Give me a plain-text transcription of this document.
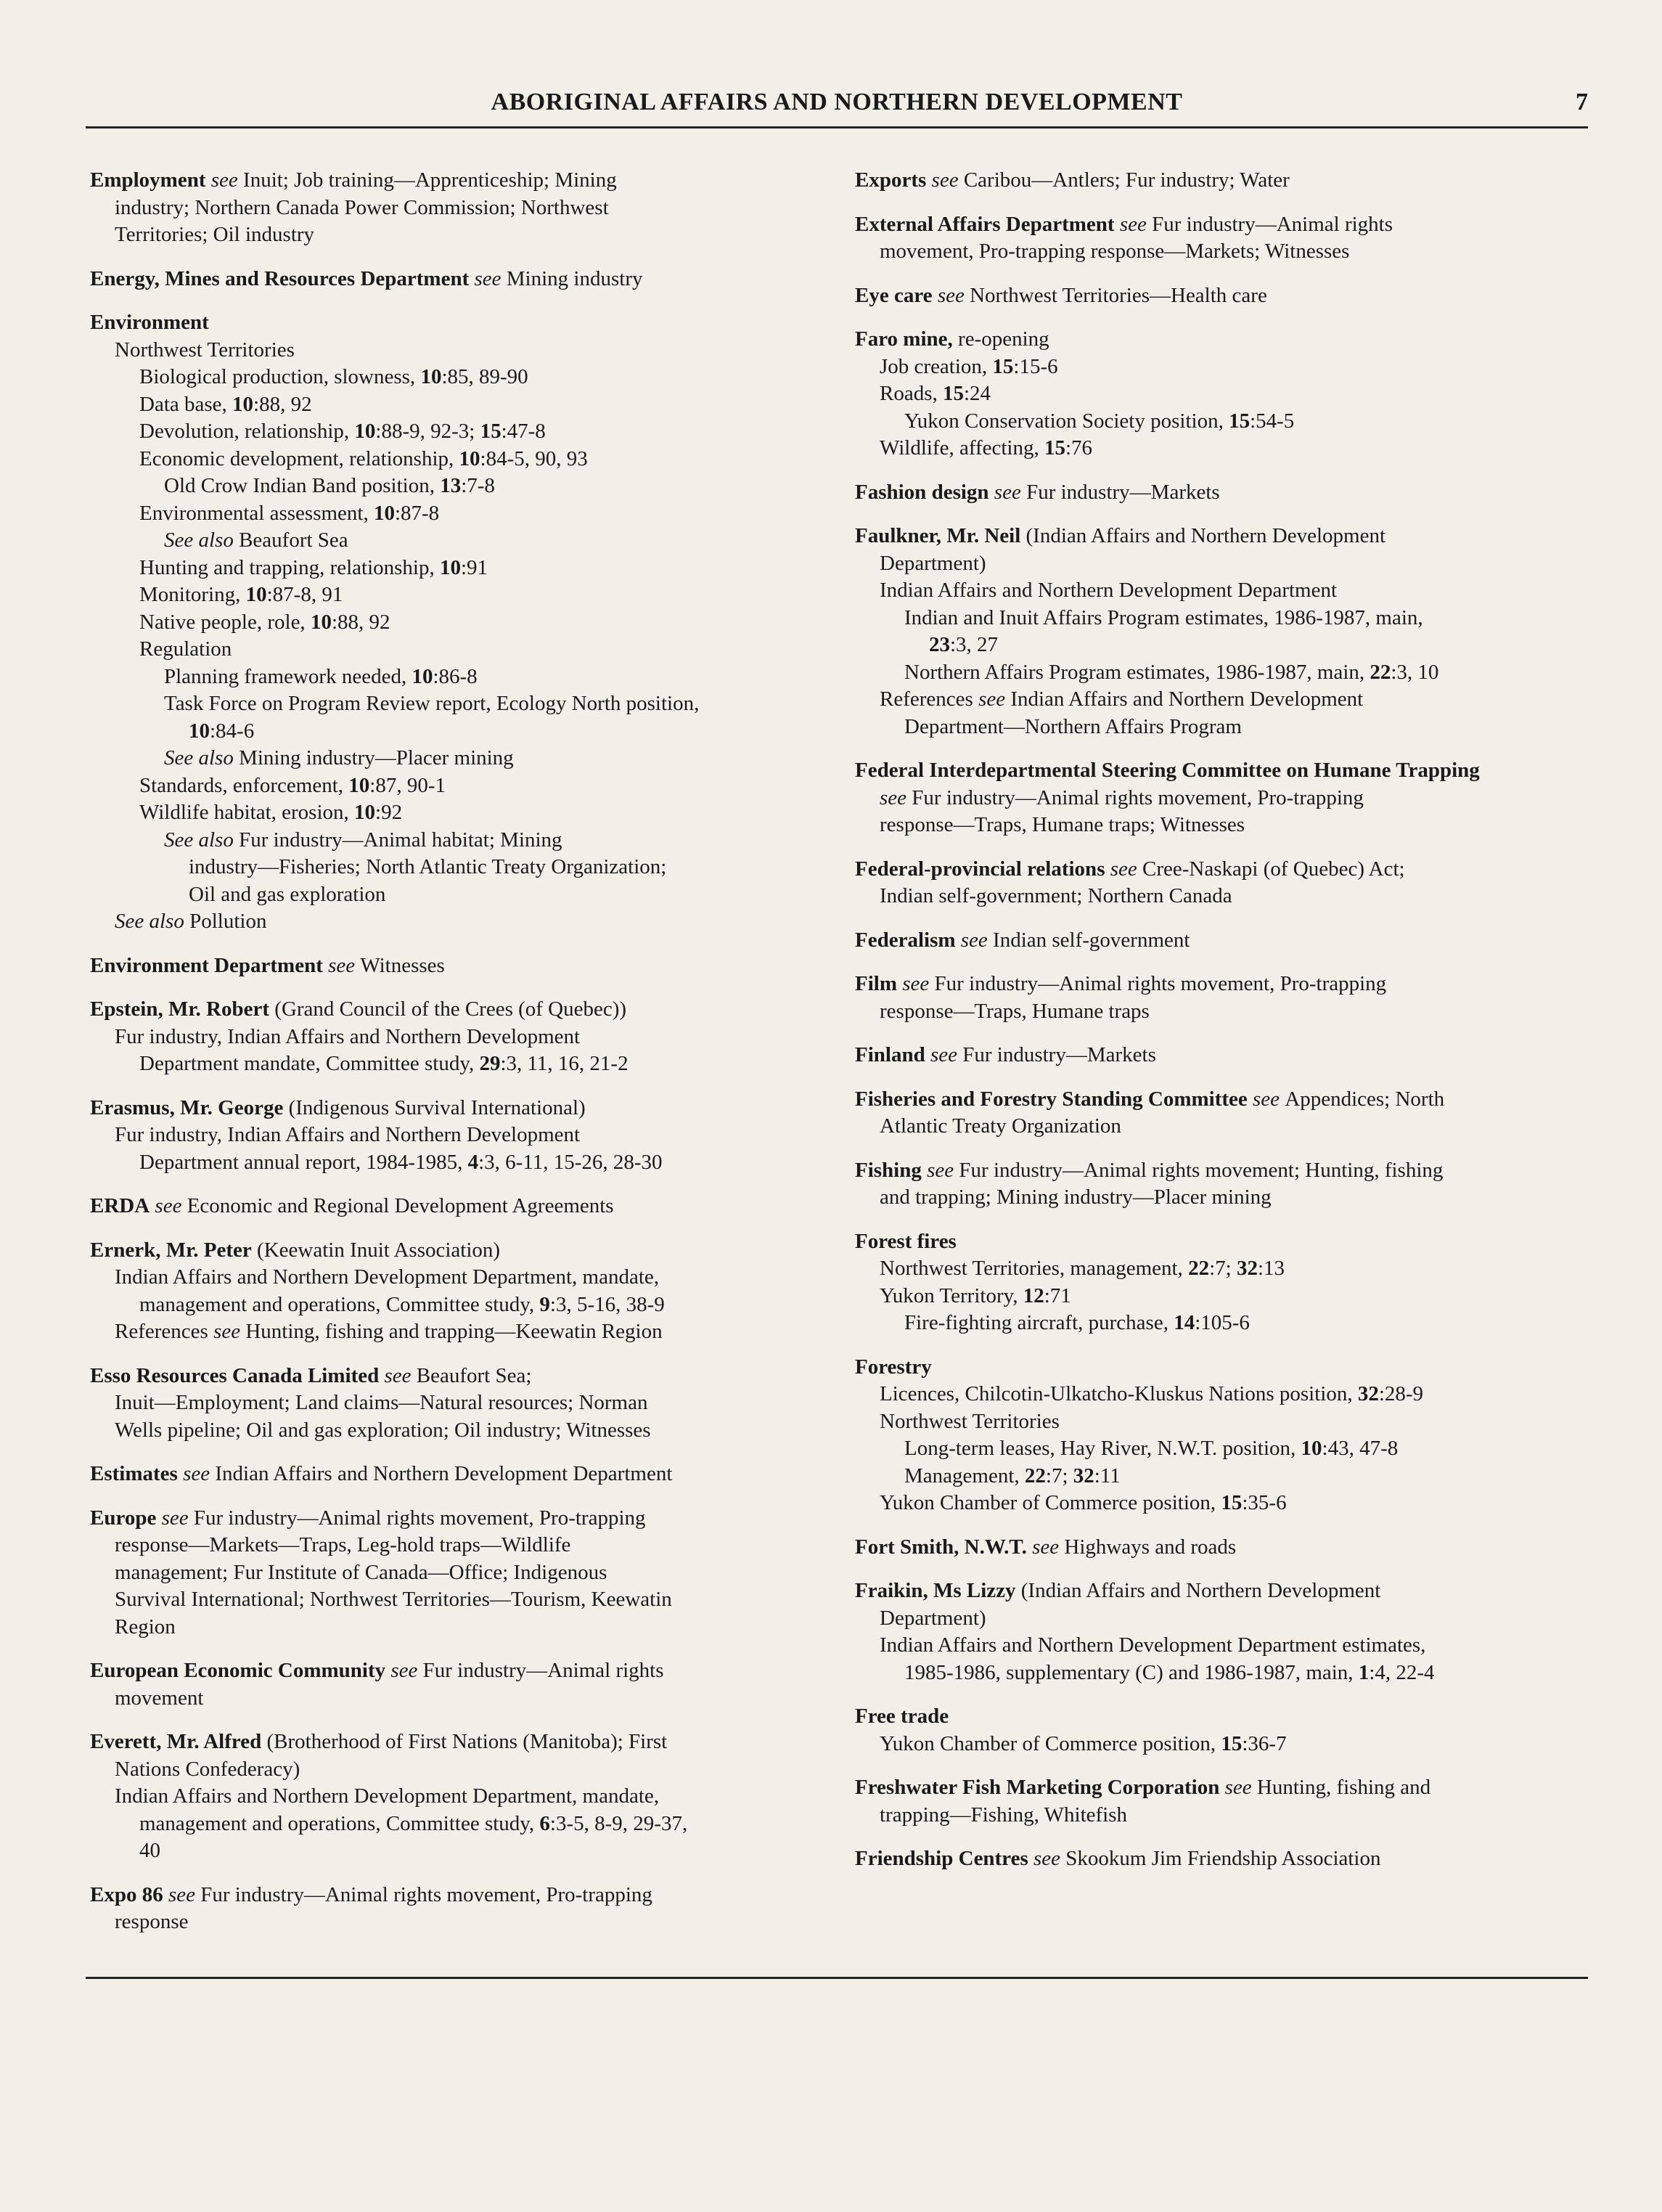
ABORIGINAL AFFAIRS AND NORTHERN DEVELOPMENT	7
Employment see Inuit; Job training—Apprenticeship; Mining
industry; Northern Canada Power Commission; Northwest
Territories; Oil industry
Energy, Mines and Resources Department see Mining industry
Environment
Northwest Territories
Biological production, slowness, 10:85, 89-90
Data base, 10:88, 92
Devolution, relationship, 10:88-9, 92-3; 15:47-8
Economic development, relationship, 10:84-5, 90, 93
Old Crow Indian Band position, 13:7-8
Environmental assessment, 10:87-8
See also Beaufort Sea
Hunting and trapping, relationship, 10:91
Monitoring, 10:87-8, 91
Native people, role, 10:88, 92
Regulation
Planning framework needed, 10:86-8
Task Force on Program Review report, Ecology North position,
10:84-6
See also Mining industry—Placer mining
Standards, enforcement, 10:87, 90-1
Wildlife habitat, erosion, 10:92
See also Fur industry—Animal habitat; Mining
industry—Fisheries; North Atlantic Treaty Organization;
Oil and gas exploration
See also Pollution
Environment Department see Witnesses
Epstein, Mr. Robert (Grand Council of the Crees (of Quebec))
Fur industry, Indian Affairs and Northern Development
Department mandate, Committee study, 29:3, 11, 16, 21-2
Erasmus, Mr. George (Indigenous Survival International)
Fur industry, Indian Affairs and Northern Development
Department annual report, 1984-1985, 4:3, 6-11, 15-26, 28-30
ERDA see Economic and Regional Development Agreements
Ernerk, Mr. Peter (Keewatin Inuit Association)
Indian Affairs and Northern Development Department, mandate,
management and operations, Committee study, 9:3, 5-16, 38-9
References see Hunting, fishing and trapping—Keewatin Region
Esso Resources Canada Limited see Beaufort Sea;
Inuit—Employment; Land claims—Natural resources; Norman
Wells pipeline; Oil and gas exploration; Oil industry; Witnesses
Estimates see Indian Affairs and Northern Development Department
Europe see Fur industry—Animal rights movement, Pro-trapping
response—Markets—Traps, Leg-hold traps—Wildlife
management; Fur Institute of Canada—Office; Indigenous
Survival International; Northwest Territories—Tourism, Keewatin
Region
European Economic Community see Fur industry—Animal rights
movement
Everett, Mr. Alfred (Brotherhood of First Nations (Manitoba); First
Nations Confederacy)
Indian Affairs and Northern Development Department, mandate,
management and operations, Committee study, 6:3-5, 8-9, 29-37,
40
Expo 86 see Fur industry—Animal rights movement, Pro-trapping
response
Exports see Caribou—Antlers; Fur industry; Water
External Affairs Department see Fur industry—Animal rights
movement, Pro-trapping response—Markets; Witnesses
Eye care see Northwest Territories—Health care
Faro mine, re-opening
Job creation, 15:15-6
Roads, 15:24
Yukon Conservation Society position, 15:54-5
Wildlife, affecting, 15:76
Fashion design see Fur industry—Markets
Faulkner, Mr. Neil (Indian Affairs and Northern Development
Department)
Indian Affairs and Northern Development Department
Indian and Inuit Affairs Program estimates, 1986-1987, main,
23:3, 27
Northern Affairs Program estimates, 1986-1987, main, 22:3, 10
References see Indian Affairs and Northern Development
Department—Northern Affairs Program
Federal Interdepartmental Steering Committee on Humane Trapping
see Fur industry—Animal rights movement, Pro-trapping
response—Traps, Humane traps; Witnesses
Federal-provincial relations see Cree-Naskapi (of Quebec) Act;
Indian self-government; Northern Canada
Federalism see Indian self-government
Film see Fur industry—Animal rights movement, Pro-trapping
response—Traps, Humane traps
Finland see Fur industry—Markets
Fisheries and Forestry Standing Committee see Appendices; North
Atlantic Treaty Organization
Fishing see Fur industry—Animal rights movement; Hunting, fishing
and trapping; Mining industry—Placer mining
Forest fires
Northwest Territories, management, 22:7; 32:13
Yukon Territory, 12:71
Fire-fighting aircraft, purchase, 14:105-6
Forestry
Licences, Chilcotin-Ulkatcho-Kluskus Nations position, 32:28-9
Northwest Territories
Long-term leases, Hay River, N.W.T. position, 10:43, 47-8
Management, 22:7; 32:11
Yukon Chamber of Commerce position, 15:35-6
Fort Smith, N.W.T. see Highways and roads
Fraikin, Ms Lizzy (Indian Affairs and Northern Development
Department)
Indian Affairs and Northern Development Department estimates,
1985-1986, supplementary (C) and 1986-1987, main, 1:4, 22-4
Free trade
Yukon Chamber of Commerce position, 15:36-7
Freshwater Fish Marketing Corporation see Hunting, fishing and
trapping—Fishing, Whitefish
Friendship Centres see Skookum Jim Friendship Association
